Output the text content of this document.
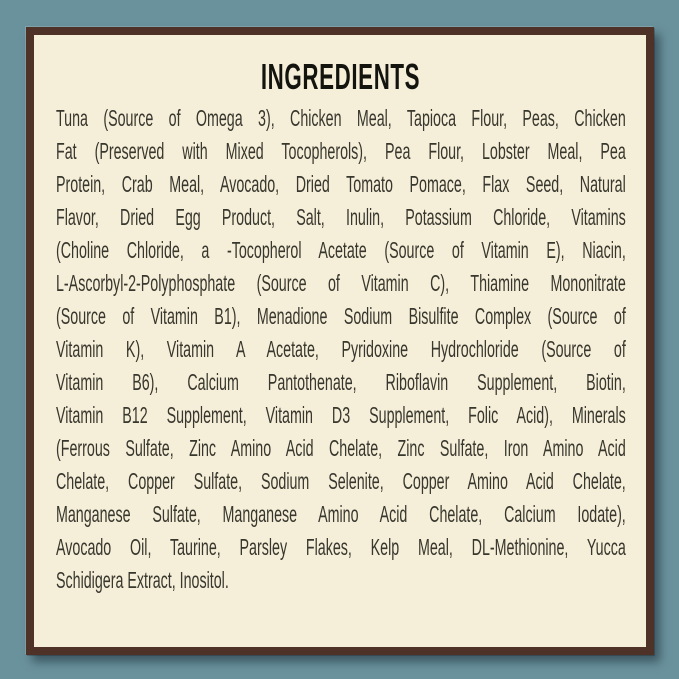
INGREDIENTS
Tuna (Source of Omega 3), Chicken Meal, Tapioca Flour, Peas, Chicken
Fat (Preserved with Mixed Tocopherols), Pea Flour, Lobster Meal, Pea
Protein, Crab Meal, Avocado, Dried Tomato Pomace, Flax Seed, Natural
Flavor, Dried Egg Product, Salt, Inulin, Potassium Chloride, Vitamins
(Choline Chloride, a -Tocopherol Acetate (Source of Vitamin E), Niacin,
L-Ascorbyl-2-Polyphosphate (Source of Vitamin C), Thiamine Mononitrate
(Source of Vitamin B1), Menadione Sodium Bisulfite Complex (Source of
Vitamin K), Vitamin A Acetate, Pyridoxine Hydrochloride (Source of
Vitamin B6), Calcium Pantothenate, Riboflavin Supplement, Biotin,
Vitamin B12 Supplement, Vitamin D3 Supplement, Folic Acid), Minerals
(Ferrous Sulfate, Zinc Amino Acid Chelate, Zinc Sulfate, Iron Amino Acid
Chelate, Copper Sulfate, Sodium Selenite, Copper Amino Acid Chelate,
Manganese Sulfate, Manganese Amino Acid Chelate, Calcium Iodate),
Avocado Oil, Taurine, Parsley Flakes, Kelp Meal, DL-Methionine, Yucca
Schidigera Extract, Inositol.
